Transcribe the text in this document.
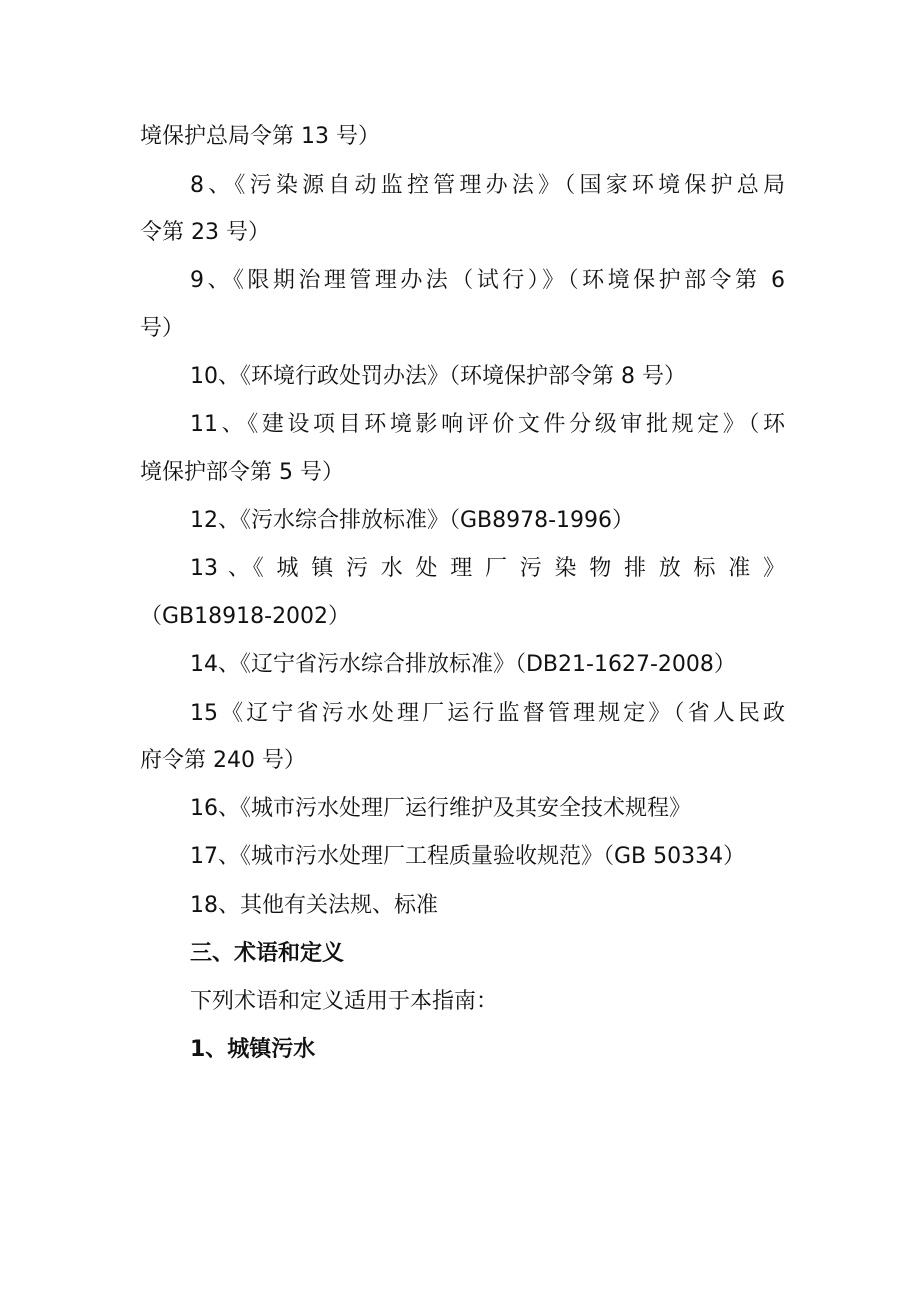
境保护总局令第 13 号）
8、《污染源自动监控管理办法》（国家环境保护总局
令第 23 号）
9、《限期治理管理办法（试行）》（环境保护部令第 6
号）
10、《环境行政处罚办法》（环境保护部令第 8 号）
11、《建设项目环境影响评价文件分级审批规定》（环
境保护部令第 5 号）
12、《污水综合排放标准》（GB8978-1996）
13 、《 城 镇 污 水 处 理 厂 污 染 物 排 放 标 准 》
（GB18918-2002）
14、《辽宁省污水综合排放标准》（DB21-1627-2008）
15《辽宁省污水处理厂运行监督管理规定》（省人民政
府令第 240 号）
16、《城市污水处理厂运行维护及其安全技术规程》
17、《城市污水处理厂工程质量验收规范》（GB 50334）
18、其他有关法规、标准
三、术语和定义
下列术语和定义适用于本指南：
1、城镇污水
